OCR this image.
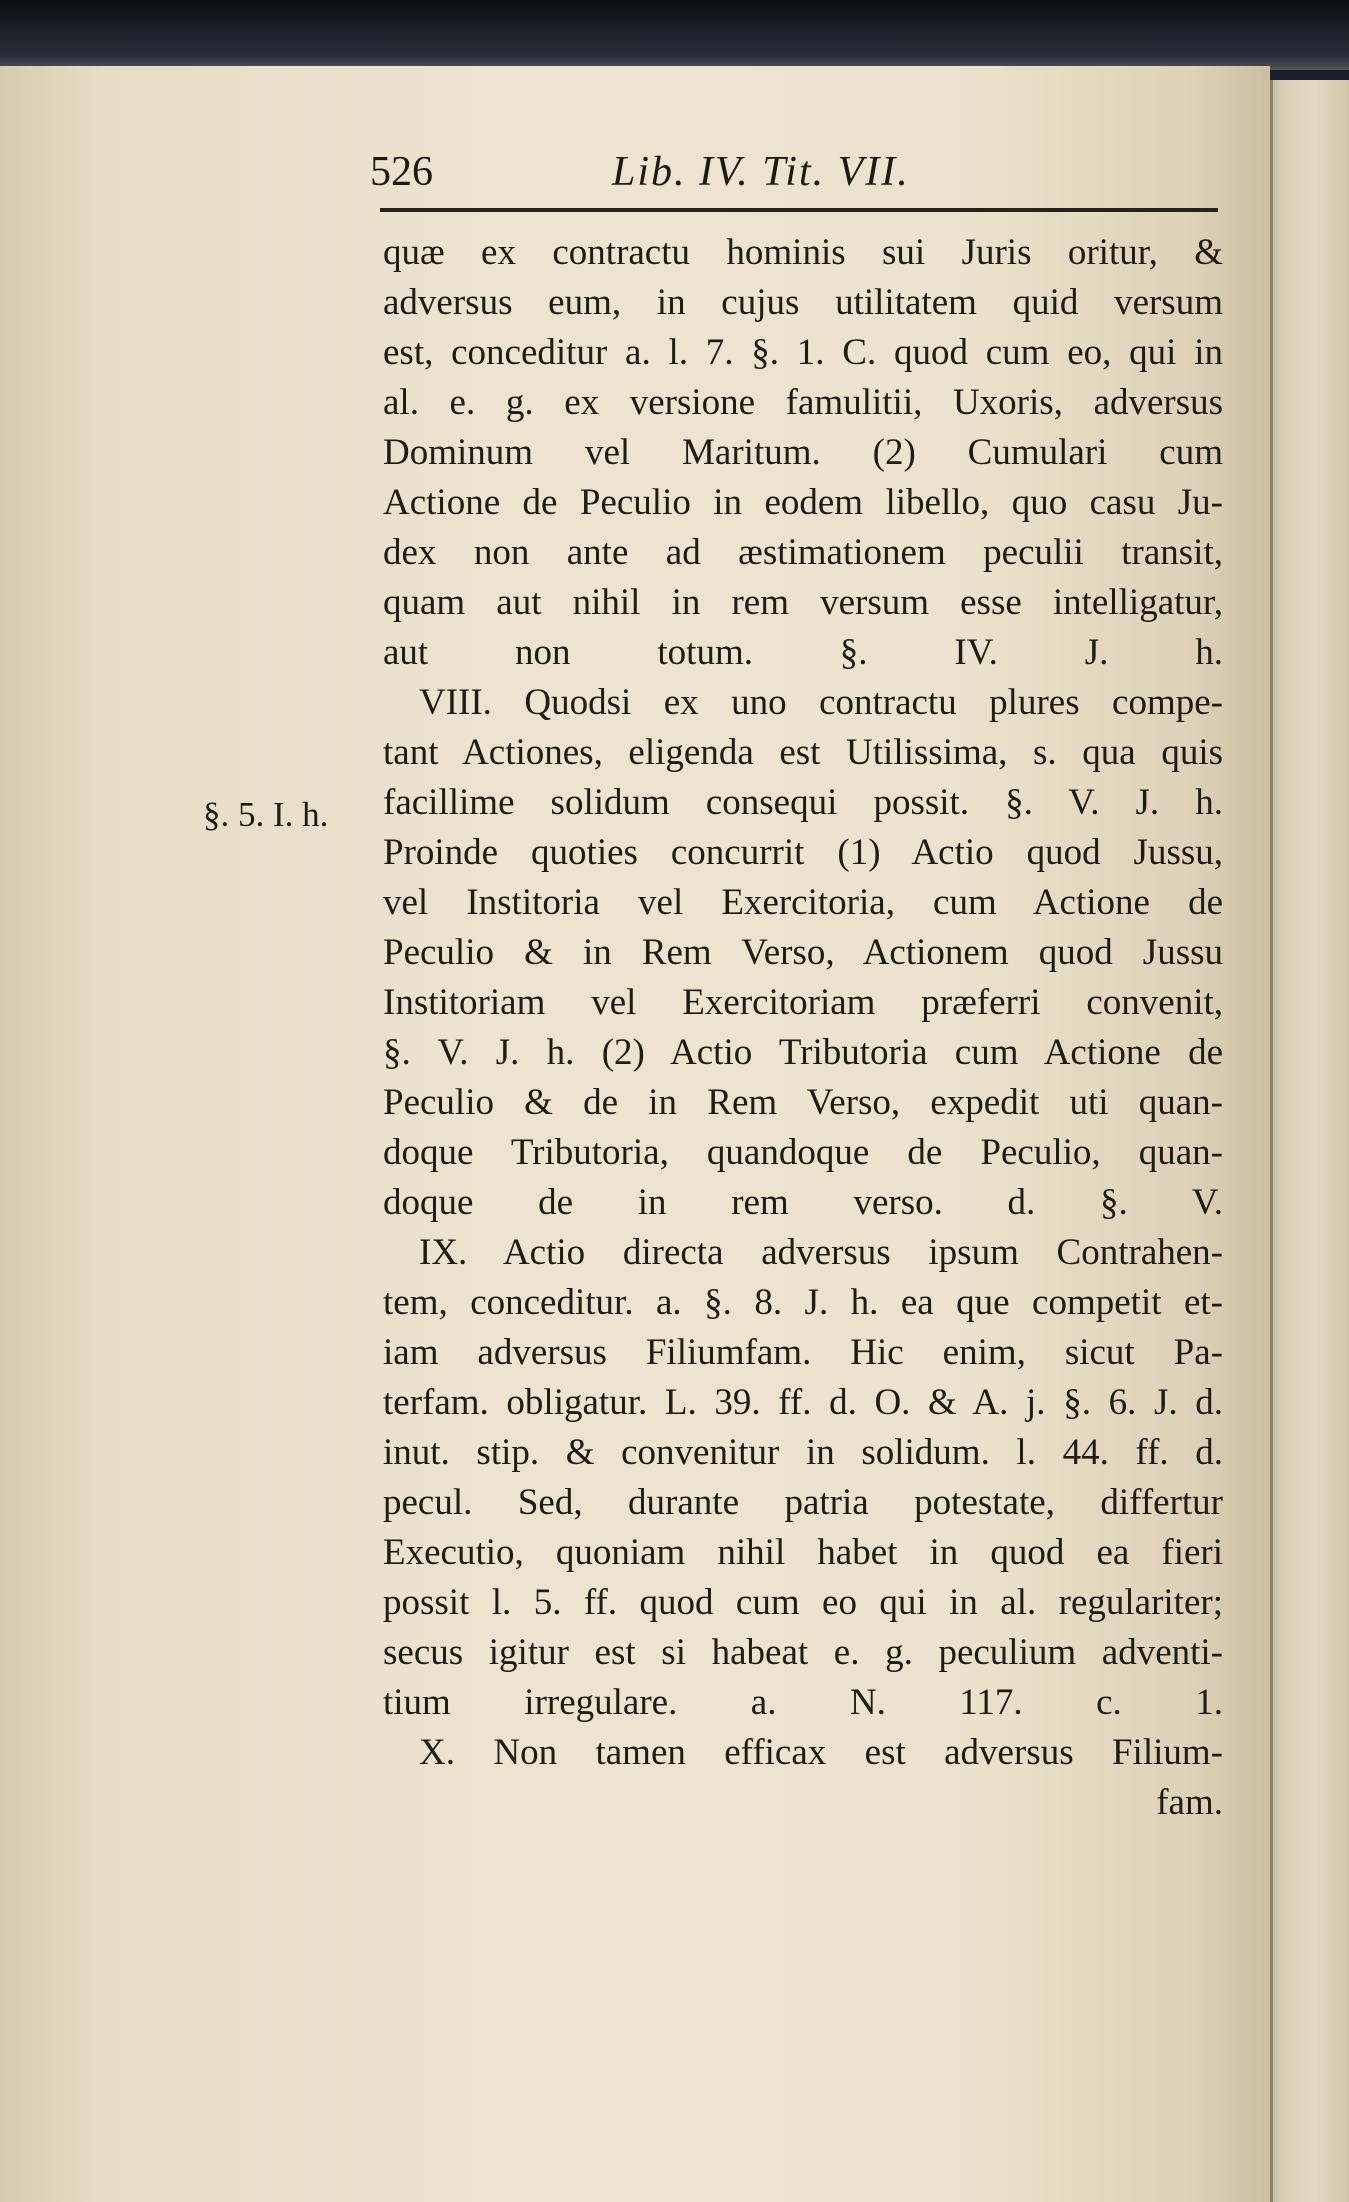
526	Lib. IV. Tit. VII.
§. 5. I. h.
quæ ex contractu hominis sui Juris oritur, &
adversus eum, in cujus utilitatem quid versum
est, conceditur a. l. 7. §. 1. C. quod cum eo, qui in
al. e. g. ex versione famulitii, Uxoris, adversus
Dominum vel Maritum. (2) Cumulari cum
Actione de Peculio in eodem libello, quo casu Ju-
dex non ante ad æstimationem peculii transit,
quam aut nihil in rem versum esse intelligatur,
aut non totum. §. IV. J. h.
VIII. Quodsi ex uno contractu plures compe-
tant Actiones, eligenda est Utilissima, s. qua quis
facillime solidum consequi possit. §. V. J. h.
Proinde quoties concurrit (1) Actio quod Jussu,
vel Institoria vel Exercitoria, cum Actione de
Peculio & in Rem Verso, Actionem quod Jussu
Institoriam vel Exercitoriam præferri convenit,
§. V. J. h. (2) Actio Tributoria cum Actione de
Peculio & de in Rem Verso, expedit uti quan-
doque Tributoria, quandoque de Peculio, quan-
doque de in rem verso. d. §. V.
IX. Actio directa adversus ipsum Contrahen-
tem, conceditur. a. §. 8. J. h. ea que competit et-
iam adversus Filiumfam. Hic enim, sicut Pa-
terfam. obligatur. L. 39. ff. d. O. & A. j. §. 6. J. d.
inut. stip. & convenitur in solidum. l. 44. ff. d.
pecul. Sed, durante patria potestate, differtur
Executio, quoniam nihil habet in quod ea fieri
possit l. 5. ff. quod cum eo qui in al. regulariter;
secus igitur est si habeat e. g. peculium adventi-
tium irregulare. a. N. 117. c. 1.
X. Non tamen efficax est adversus Filium-
fam.
